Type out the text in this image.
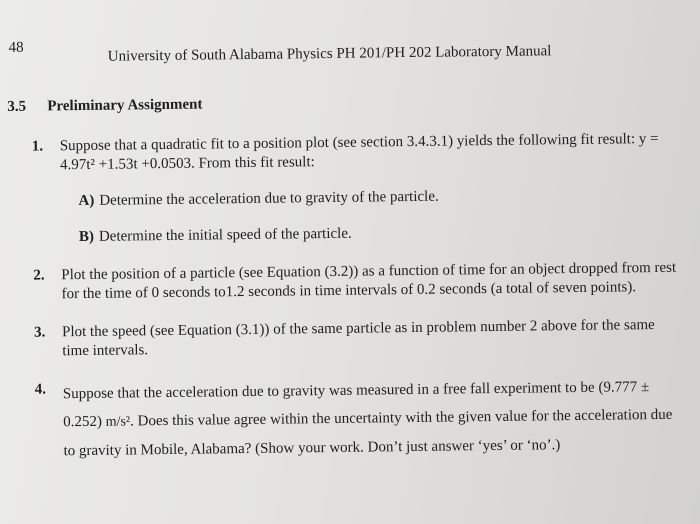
48	University of South Alabama Physics PH 201/PH 202 Laboratory Manual
3.5 Preliminary Assignment
1.	Suppose that a quadratic fit to a position plot (see section 3.4.3.1) yields the following fit result: y = 4.97t² +1.53t +0.0503. From this fit result:
A) Determine the acceleration due to gravity of the particle.
B) Determine the initial speed of the particle.
2.	Plot the position of a particle (see Equation (3.2)) as a function of time for an object dropped from rest for the time of 0 seconds to1.2 seconds in time intervals of 0.2 seconds (a total of seven points).
3.	Plot the speed (see Equation (3.1)) of the same particle as in problem number 2 above for the same time intervals.
4.	Suppose that the acceleration due to gravity was measured in a free fall experiment to be (9.777 ± 0.252) m/s². Does this value agree within the uncertainty with the given value for the acceleration due to gravity in Mobile, Alabama? (Show your work. Don’t just answer ‘yes’ or ‘no’.)
